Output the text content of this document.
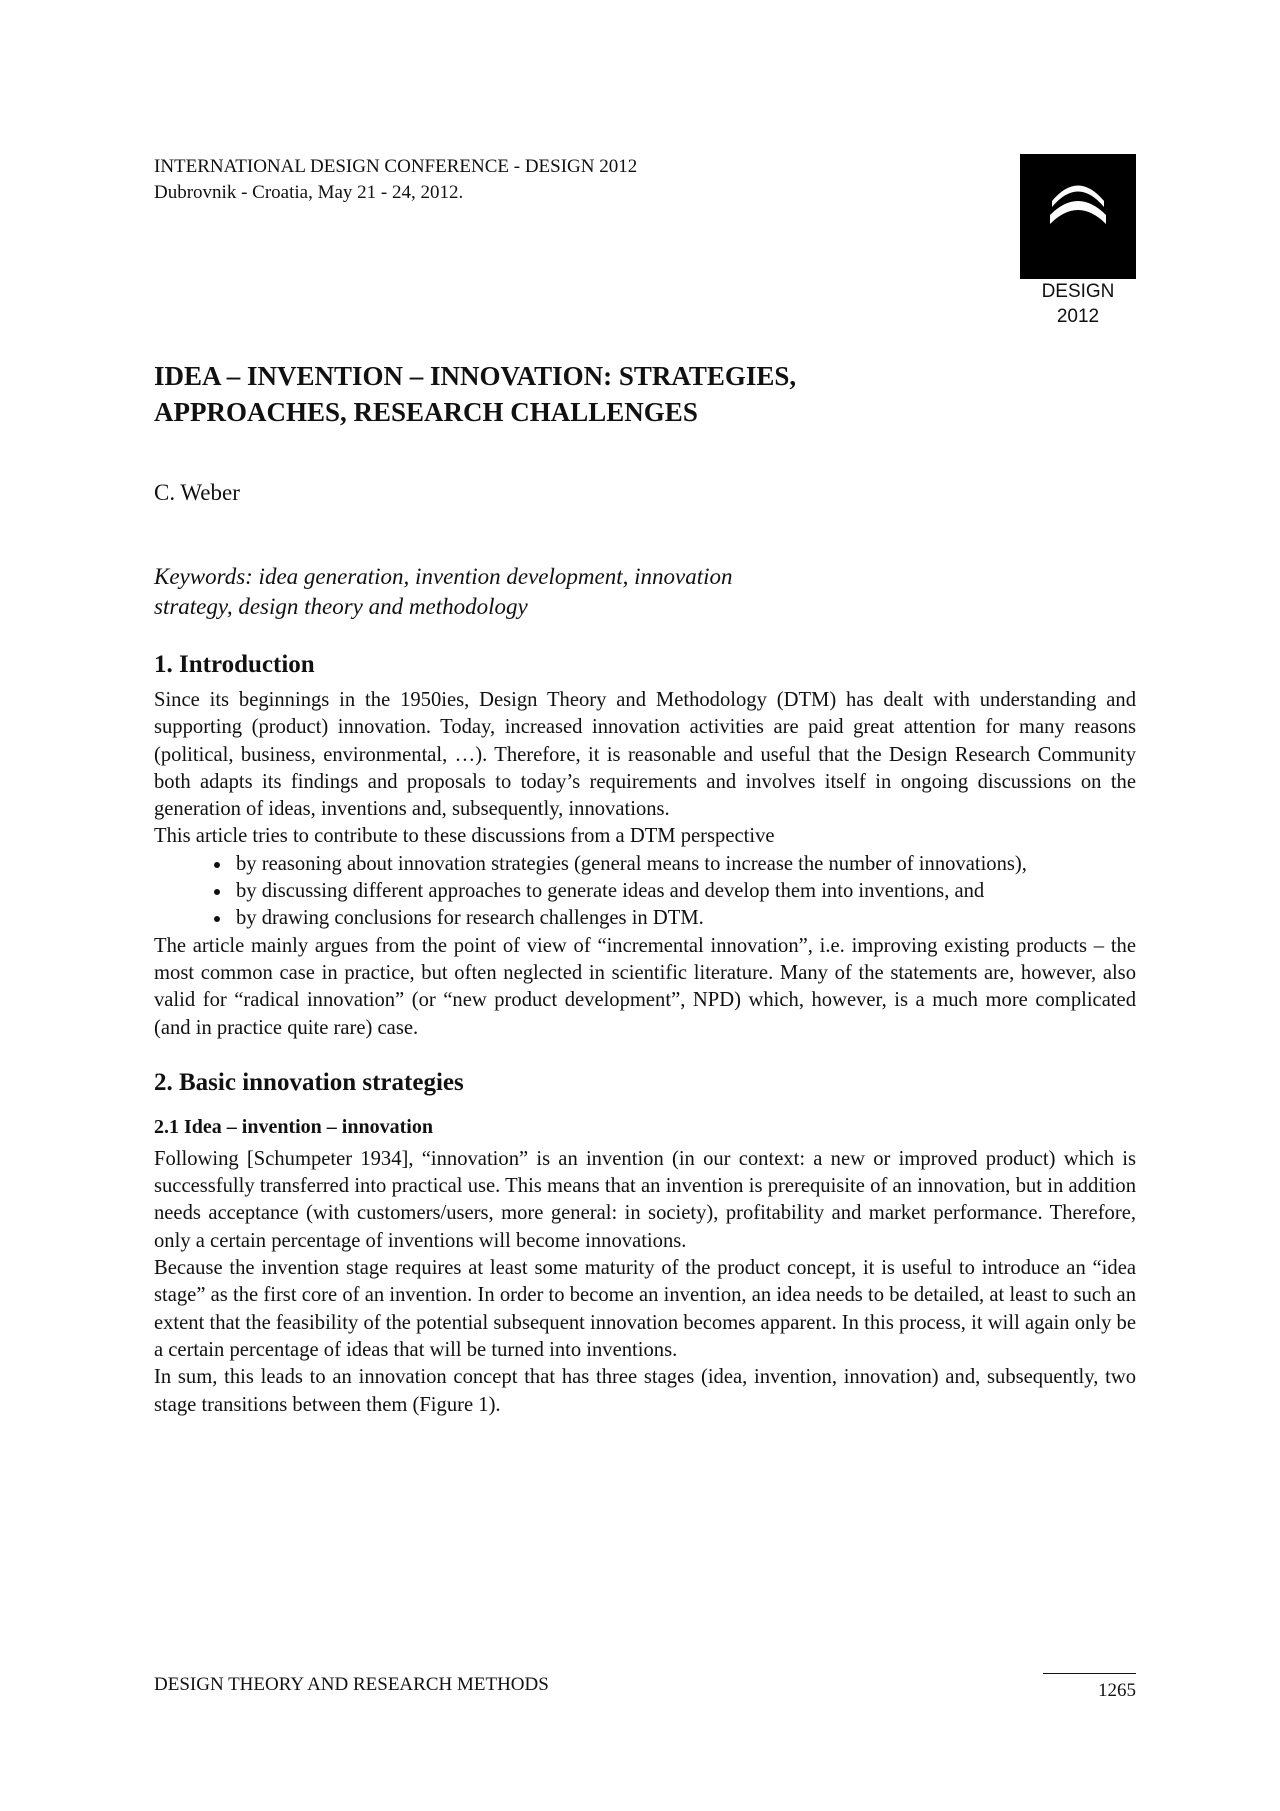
INTERNATIONAL DESIGN CONFERENCE - DESIGN 2012
Dubrovnik - Croatia, May 21 - 24, 2012.
DESIGN 2012
IDEA – INVENTION – INNOVATION: STRATEGIES,
APPROACHES, RESEARCH CHALLENGES
C. Weber
Keywords: idea generation, invention development, innovation
strategy, design theory and methodology
1. Introduction

Since its beginnings in the 1950ies, Design Theory and Methodology (DTM) has dealt with understanding and supporting (product) innovation. Today, increased innovation activities are paid great attention for many reasons (political, business, environmental, …). Therefore, it is reasonable and useful that the Design Research Community both adapts its findings and proposals to today’s requirements and involves itself in ongoing discussions on the generation of ideas, inventions and, subsequently, innovations.

This article tries to contribute to these discussions from a DTM perspective

• by reasoning about innovation strategies (general means to increase the number of innovations),
• by discussing different approaches to generate ideas and develop them into inventions, and
• by drawing conclusions for research challenges in DTM.

The article mainly argues from the point of view of “incremental innovation”, i.e. improving existing products – the most common case in practice, but often neglected in scientific literature. Many of the statements are, however, also valid for “radical innovation” (or “new product development”, NPD) which, however, is a much more complicated (and in practice quite rare) case.

2. Basic innovation strategies
2.1 Idea – invention – innovation

Following [Schumpeter 1934], “innovation” is an invention (in our context: a new or improved product) which is successfully transferred into practical use. This means that an invention is prerequisite of an innovation, but in addition needs acceptance (with customers/users, more general: in society), profitability and market performance. Therefore, only a certain percentage of inventions will become innovations.

Because the invention stage requires at least some maturity of the product concept, it is useful to introduce an “idea stage” as the first core of an invention. In order to become an invention, an idea needs to be detailed, at least to such an extent that the feasibility of the potential subsequent innovation becomes apparent. In this process, it will again only be a certain percentage of ideas that will be turned into inventions.

In sum, this leads to an innovation concept that has three stages (idea, invention, innovation) and, subsequently, two stage transitions between them (Figure 1).

DESIGN THEORY AND RESEARCH METHODS	1265
